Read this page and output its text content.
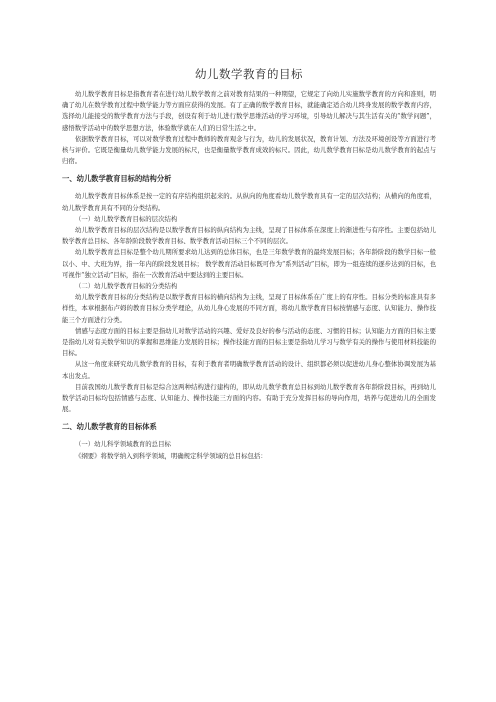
幼儿数学教育的目标

幼儿数学教育目标是指教育者在进行幼儿数学教育之前对教育结果的一种期望，它规定了向幼儿实施数学教育的方向和准则，明确了幼儿在数学教育过程中数学能力等方面应获得的发展。有了正确的数学教育目标，就能确定适合幼儿终身发展的数学教育内容，选择幼儿能接受的数学教育方法与手段，创设有利于幼儿进行数学思维活动的学习环境，引导幼儿解决与其生活有关的“数学问题”，感悟数学活动中的数学思想方法，体验数学就在人们的日常生活之中。

依据数学教育目标，可以对数学教育过程中教师的教育观念与行为，幼儿的发展状况，教育计划、方法及环境创设等方面进行考核与评价。它既是衡量幼儿数学能力发展的标尺，也是衡量数学教育成效的标尺。因此，幼儿数学教育目标是幼儿数学教育的起点与归宿。

一、幼儿数学教育目标的结构分析

幼儿数学教育目标体系是按一定的有序结构组织起来的。从纵向的角度看幼儿数学教育具有一定的层次结构；从横向的角度看，幼儿数学教育具有不同的分类结构。

（一）幼儿数学教育目标的层次结构

幼儿数学教育目标的层次结构是以数学教育目标的纵向结构为主线，呈现了目标体系在深度上的渐进性与有序性。主要包括幼儿数学教育总目标、各年龄阶段数学教育目标、数学教育活动目标三个不同的层次。

幼儿数学教育总目标是整个幼儿期所要求幼儿达到的总体目标，也是三年数学教育的最终发展目标；各年龄阶段的数学目标一般以小、中、大班为界，指一年内的阶段发展目标； 数学教育活动目标既可作为“系列活动”目标，即为一组连续的逐步达到的目标，也可视作“独立活动”目标，指在一次教育活动中要达到的主要目标。

（二）幼儿数学教育目标的分类结构

幼儿数学教育目标的分类结构是以数学教育目标的横向结构为主线，呈现了目标体系在广度上的有序性。目标分类的标准具有多样性，本章根据布卢姆的教育目标分类学理论，从幼儿身心发展的不同方面，将幼儿数学教育目标按情感与态度、认知能力、操作技能三个方面进行分类。

情感与态度方面的目标主要是指幼儿对数学活动的兴趣、爱好及良好的参与活动的态度、习惯的目标；认知能力方面的目标主要是指幼儿对有关数学知识的掌握和思维能力发展的目标；操作技能方面的目标主要是指幼儿学习与数学有关的操作与使用材料技能的目标。

从这一角度来研究幼儿数学教育的目标，有利于教育者明确数学教育活动的设计、组织都必须以促进幼儿身心整体协调发展为基本出发点。

目前我国幼儿数学教育目标是综合这两种结构进行建构的，即从幼儿数学教育总目标到幼儿数学教育各年龄阶段目标，再到幼儿数学活动目标均包括情感与态度、认知能力、操作技能三方面的内容。有助于充分发挥目标的导向作用，培养与促进幼儿的全面发展。

二、幼儿数学教育的目标体系

（一）幼儿科学领域教育的总目标

《纲要》将数学纳入到科学领域，明确规定科学领域的总目标包括：
